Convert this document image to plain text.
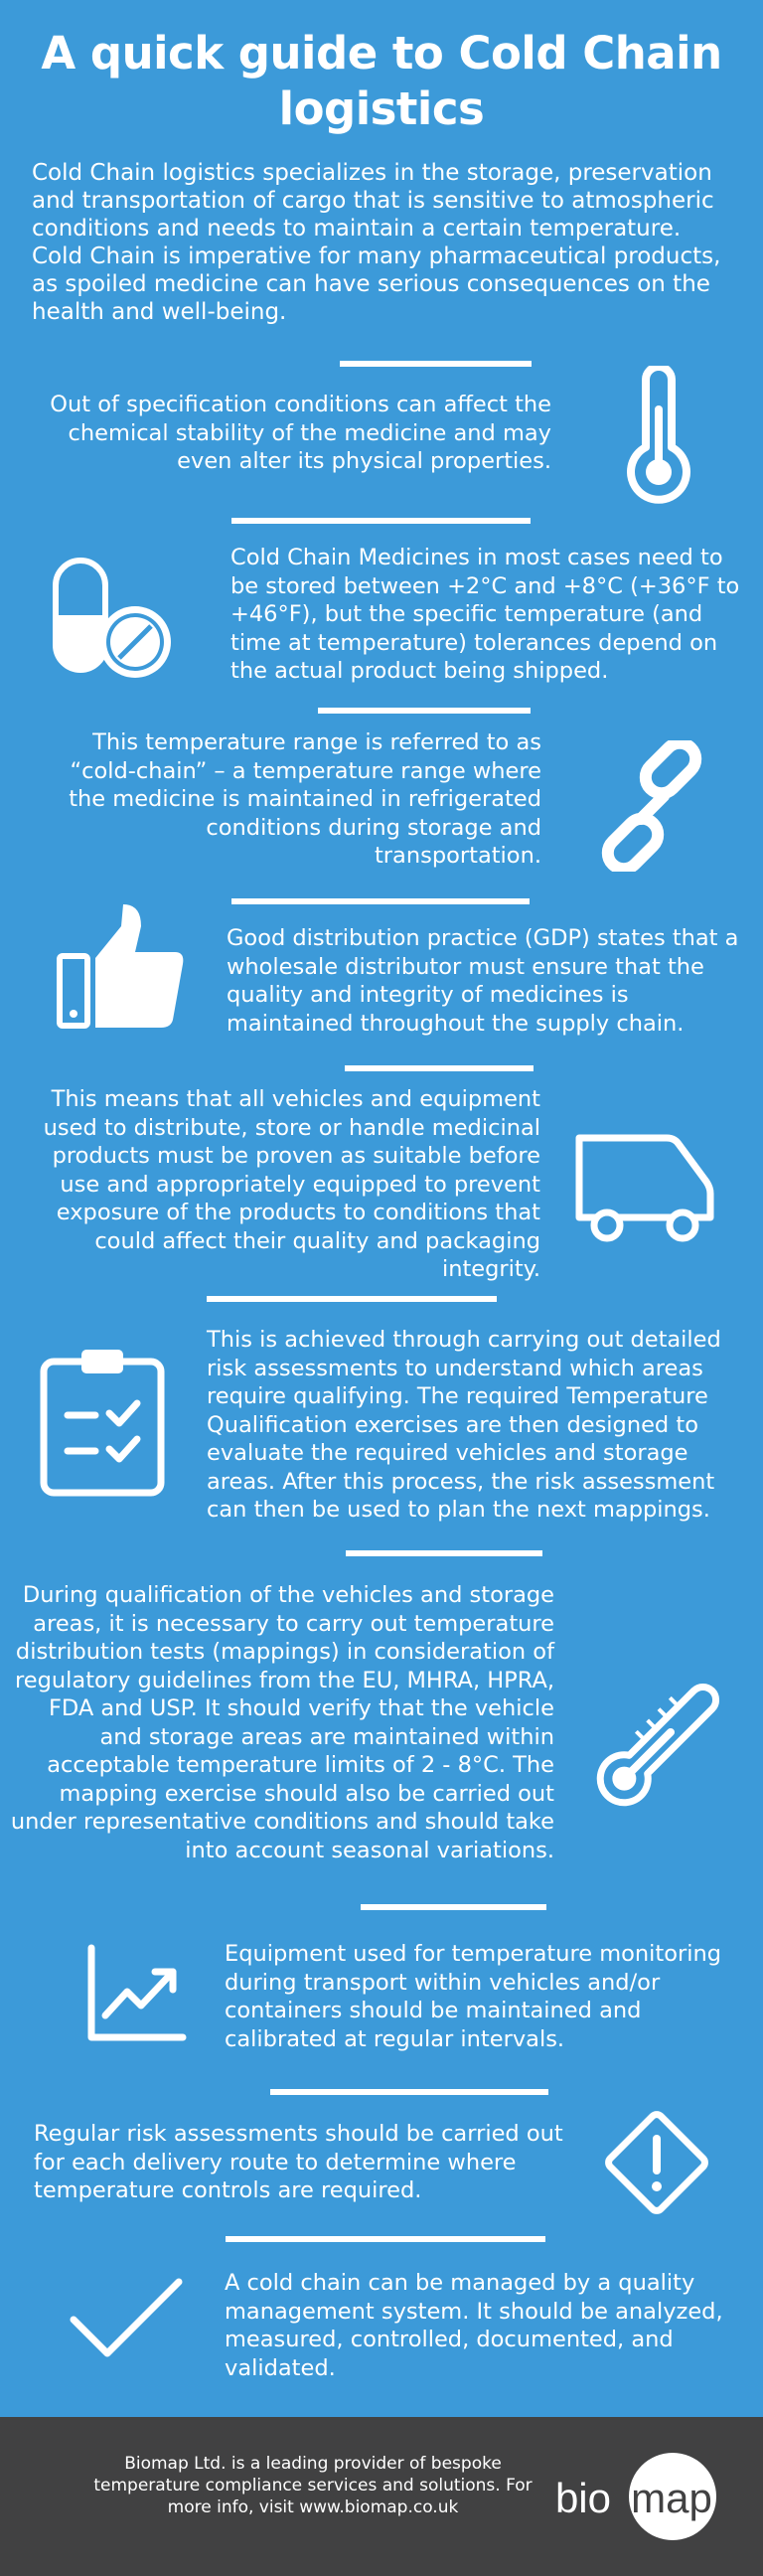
A quick guide to Cold Chain logistics
Cold Chain logistics specializes in the storage, preservation and transportation of cargo that is sensitive to atmospheric conditions and needs to maintain a certain temperature. Cold Chain is imperative for many pharmaceutical products, as spoiled medicine can have serious consequences on the health and well-being.
Out of specification conditions can affect the chemical stability of the medicine and may even alter its physical properties.
Cold Chain Medicines in most cases need to be stored between +2°C and +8°C (+36°F to +46°F), but the specific temperature (and time at temperature) tolerances depend on the actual product being shipped.
This temperature range is referred to as “cold-chain” – a temperature range where the medicine is maintained in refrigerated conditions during storage and transportation.
Good distribution practice (GDP) states that a wholesale distributor must ensure that the quality and integrity of medicines is maintained throughout the supply chain.
This means that all vehicles and equipment used to distribute, store or handle medicinal products must be proven as suitable before use and appropriately equipped to prevent exposure of the products to conditions that could affect their quality and packaging integrity.
This is achieved through carrying out detailed risk assessments to understand which areas require qualifying. The required Temperature Qualification exercises are then designed to evaluate the required vehicles and storage areas. After this process, the risk assessment can then be used to plan the next mappings.
During qualification of the vehicles and storage areas, it is necessary to carry out temperature distribution tests (mappings) in consideration of regulatory guidelines from the EU, MHRA, HPRA, FDA and USP. It should verify that the vehicle and storage areas are maintained within acceptable temperature limits of 2 - 8°C. The mapping exercise should also be carried out under representative conditions and should take into account seasonal variations.
Equipment used for temperature monitoring during transport within vehicles and/or containers should be maintained and calibrated at regular intervals.
Regular risk assessments should be carried out for each delivery route to determine where temperature controls are required.
A cold chain can be managed by a quality management system. It should be analyzed, measured, controlled, documented, and validated.
Biomap Ltd. is a leading provider of bespoke temperature compliance services and solutions. For more info, visit www.biomap.co.uk	bio map
